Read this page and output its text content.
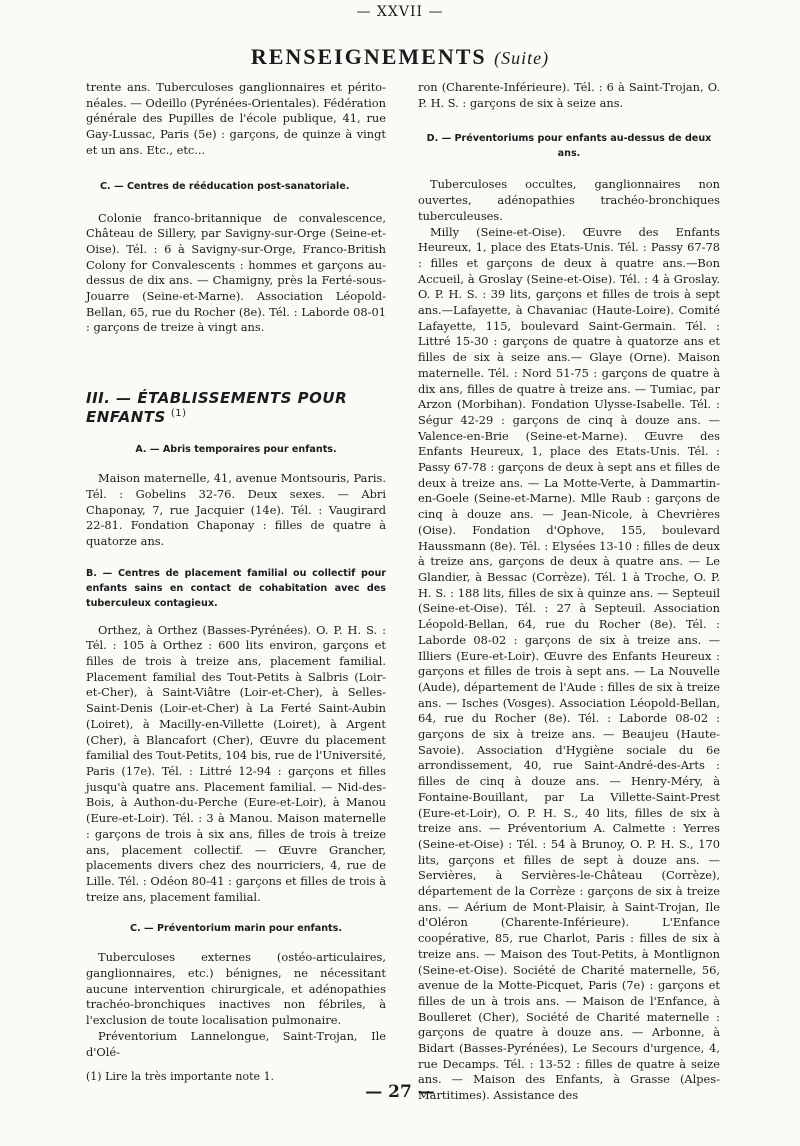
— XXVII —
RENSEIGNEMENTS (Suite)

trente ans. Tuberculoses ganglionnaires et périto-néales. — Odeillo (Pyrénées-Orientales). Fédération générale des Pupilles de l'école publique, 41, rue Gay-Lussac, Paris (5e) : garçons, de quinze à vingt et un ans. Etc., etc...

C. — Centres de rééducation post-sanatoriale.

Colonie franco-britannique de convalescence, Château de Sillery, par Savigny-sur-Orge (Seine-et-Oise). Tél. : 6 à Savigny-sur-Orge, Franco-British Colony for Convalescents : hommes et garçons au-dessus de dix ans. — Chamigny, près la Ferté-sous-Jouarre (Seine-et-Marne). Association Léopold-Bellan, 65, rue du Rocher (8e). Tél. : Laborde 08-01 : garçons de treize à vingt ans.

III. — ÉTABLISSEMENTS POUR ENFANTS $^{(1)}$
A. — Abris temporaires pour enfants.

Maison maternelle, 41, avenue Montsouris, Paris. Tél. : Gobelins 32-76. Deux sexes. — Abri Chaponay, 7, rue Jacquier (14e). Tél. : Vaugirard 22-81. Fondation Chaponay : filles de quatre à quatorze ans.

B. — Centres de placement familial ou collectif pour enfants sains en contact de cohabitation avec des tuberculeux contagieux.

Orthez, à Orthez (Basses-Pyrénées). O. P. H. S. : Tél. : 105 à Orthez : 600 lits environ, garçons et filles de trois à treize ans, placement familial. Placement familial des Tout-Petits à Salbris (Loir-et-Cher), à Saint-Viâtre (Loir-et-Cher), à Selles-Saint-Denis (Loir-et-Cher) à La Ferté Saint-Aubin (Loiret), à Macilly-en-Villette (Loiret), à Argent (Cher), à Blancafort (Cher), Œuvre du placement familial des Tout-Petits, 104 bis, rue de l'Université, Paris (17e). Tél. : Littré 12-94 : garçons et filles jusqu'à quatre ans. Placement familial. — Nid-des-Bois, à Authon-du-Perche (Eure-et-Loir), à Manou (Eure-et-Loir). Tél. : 3 à Manou. Maison maternelle : garçons de trois à six ans, filles de trois à treize ans, placement collectif. — Œuvre Grancher, placements divers chez des nourriciers, 4, rue de Lille. Tél. : Odéon 80-41 : garçons et filles de trois à treize ans, placement familial.

C. — Préventorium marin pour enfants.

Tuberculoses externes (ostéo-articulaires, ganglionnaires, etc.) bénignes, ne nécessitant aucune intervention chirurgicale, et adénopathies trachéo-bronchiques inactives non fébriles, à l'exclusion de toute localisation pulmonaire.

Préventorium Lannelongue, Saint-Trojan, Ile d'Olé-

(1) Lire la très importante note 1.

ron (Charente-Inférieure). Tél. : 6 à Saint-Trojan, O. P. H. S. : garçons de six à seize ans.

D. — Préventoriums pour enfants au-dessus de deux ans.

Tuberculoses occultes, ganglionnaires non ouvertes, adénopathies trachéo-bronchiques tuberculeuses.

Milly (Seine-et-Oise). Œuvre des Enfants Heureux, 1, place des Etats-Unis. Tél. : Passy 67-78 : filles et garçons de deux à quatre ans.—Bon Accueil, à Groslay (Seine-et-Oise). Tél. : 4 à Groslay. O. P. H. S. : 39 lits, garçons et filles de trois à sept ans.—Lafayette, à Chavaniac (Haute-Loire). Comité Lafayette, 115, boulevard Saint-Germain. Tél. : Littré 15-30 : garçons de quatre à quatorze ans et filles de six à seize ans.— Glaye (Orne). Maison maternelle. Tél. : Nord 51-75 : garçons de quatre à dix ans, filles de quatre à treize ans. — Tumiac, par Arzon (Morbihan). Fondation Ulysse-Isabelle. Tél. : Ségur 42-29 : garçons de cinq à douze ans. — Valence-en-Brie (Seine-et-Marne). Œuvre des Enfants Heureux, 1, place des Etats-Unis. Tél. : Passy 67-78 : garçons de deux à sept ans et filles de deux à treize ans. — La Motte-Verte, à Dammartin-en-Goele (Seine-et-Marne). Mlle Raub : garçons de cinq à douze ans. — Jean-Nicole, à Chevrières (Oise). Fondation d'Ophove, 155, boulevard Haussmann (8e). Tél. : Elysées 13-10 : filles de deux à treize ans, garçons de deux à quatre ans. — Le Glandier, à Bessac (Corrèze). Tél. 1 à Troche, O. P. H. S. : 188 lits, filles de six à quinze ans. — Septeuil (Seine-et-Oise). Tél. : 27 à Septeuil. Association Léopold-Bellan, 64, rue du Rocher (8e). Tél. : Laborde 08-02 : garçons de six à treize ans. — Illiers (Eure-et-Loir). Œuvre des Enfants Heureux : garçons et filles de trois à sept ans. — La Nouvelle (Aude), département de l'Aude : filles de six à treize ans. — Isches (Vosges). Association Léopold-Bellan, 64, rue du Rocher (8e). Tél. : Laborde 08-02 : garçons de six à treize ans. — Beaujeu (Haute-Savoie). Association d'Hygiène sociale du 6e arrondissement, 40, rue Saint-André-des-Arts : filles de cinq à douze ans. — Henry-Méry, à Fontaine-Bouillant, par La Villette-Saint-Prest (Eure-et-Loir), O. P. H. S., 40 lits, filles de six à treize ans. — Préventorium A. Calmette : Yerres (Seine-et-Oise) : Tél. : 54 à Brunoy, O. P. H. S., 170 lits, garçons et filles de sept à douze ans. — Servières, à Servières-le-Château (Corrèze), département de la Corrèze : garçons de six à treize ans. — Aérium de Mont-Plaisir, à Saint-Trojan, Ile d'Oléron (Charente-Inférieure). L'Enfance coopérative, 85, rue Charlot, Paris : filles de six à treize ans. — Maison des Tout-Petits, à Montlignon (Seine-et-Oise). Société de Charité maternelle, 56, avenue de la Motte-Picquet, Paris (7e) : garçons et filles de un à trois ans. — Maison de l'Enfance, à Boulleret (Cher), Société de Charité maternelle : garçons de quatre à douze ans. — Arbonne, à Bidart (Basses-Pyrénées), Le Secours d'urgence, 4, rue Decamps. Tél. : 13-52 : filles de quatre à seize ans. — Maison des Enfants, à Grasse (Alpes-Martitimes). Assistance des

— 27 —
